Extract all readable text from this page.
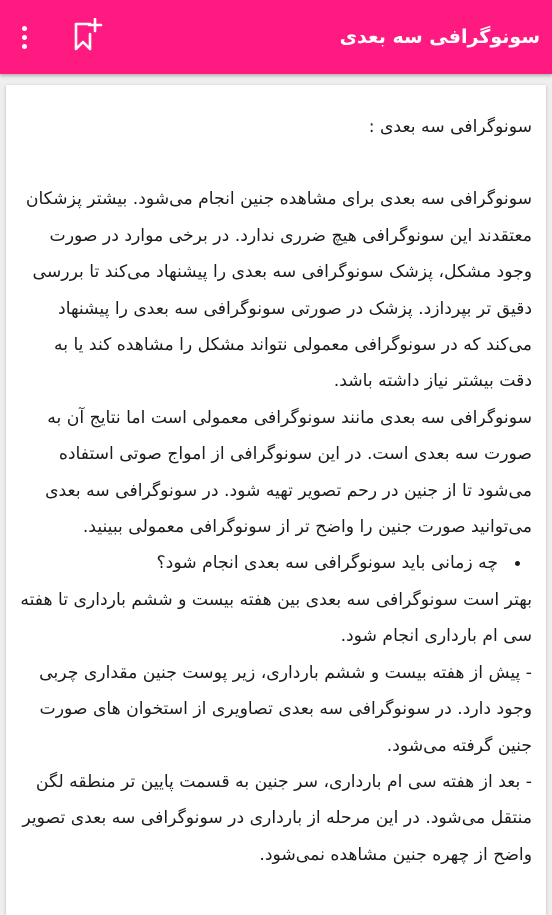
سونوگرافی سه بعدی

سونوگرافی سه بعدی :

سونوگرافی سه بعدی برای مشاهده جنین انجام می‌شود. بیشتر پزشکان معتقدند این سونوگرافی هیچ ضرری ندارد. در برخی موارد در صورت وجود مشکل، پزشک سونوگرافی سه بعدی را پیشنهاد می‌کند تا بررسی دقیق تر بپردازد. پزشک در صورتی سونوگرافی سه بعدی را پیشنهاد می‌کند که در سونوگرافی معمولی نتواند مشکل را مشاهده کند یا به دقت بیشتر نیاز داشته باشد.

سونوگرافی سه بعدی مانند سونوگرافی معمولی است اما نتایج آن به صورت سه بعدی است. در این سونوگرافی از امواج صوتی استفاده می‌شود تا از جنین در رحم تصویر تهیه شود. در سونوگرافی سه بعدی می‌توانید صورت جنین را واضح تر از سونوگرافی معمولی ببینید.

چه زمانی باید سونوگرافی سه بعدی انجام شود؟

بهتر است سونوگرافی سه بعدی بین هفته بیست و ششم بارداری تا هفته سی ام بارداری انجام شود.

- پیش از هفته بیست و ششم بارداری، زیر پوست جنین مقداری چربی وجود دارد. در سونوگرافی سه بعدی تصاویری از استخوان های صورت جنین گرفته می‌شود.

- بعد از هفته سی ام بارداری، سر جنین به قسمت پایین تر منطقه لگن منتقل می‌شود. در این مرحله از بارداری در سونوگرافی سه بعدی تصویر واضح از چهره جنین مشاهده نمی‌شود.
